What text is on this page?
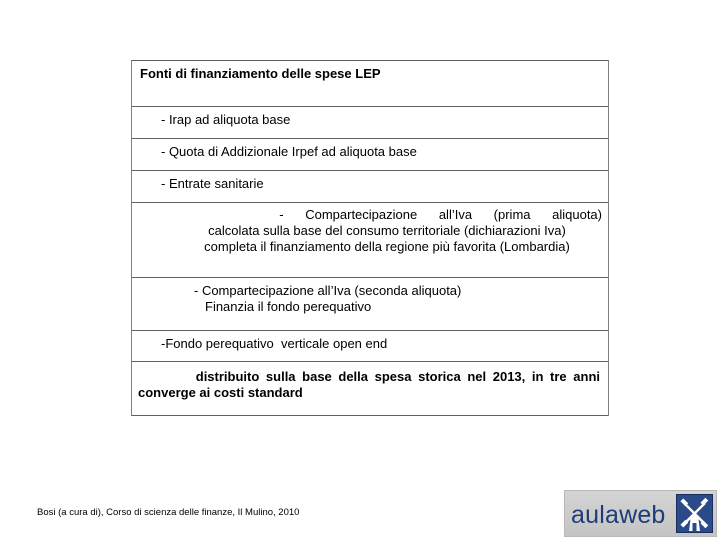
Fonti di finanziamento delle spese LEP
- Irap ad aliquota base
- Quota di Addizionale Irpef ad aliquota base
- Entrate sanitarie
- Compartecipazione all’Iva (prima aliquota)
calcolata sulla base del consumo territoriale (dichiarazioni Iva)
completa il finanziamento della regione più favorita (Lombardia)
- Compartecipazione all’Iva (seconda aliquota)
Finanzia il fondo perequativo
-Fondo perequativo  verticale open end
distribuito sulla base della spesa storica nel 2013, in tre anni
converge ai costi standard
Bosi (a cura di), Corso di scienza delle finanze, Il Mulino, 2010	aulaweb
